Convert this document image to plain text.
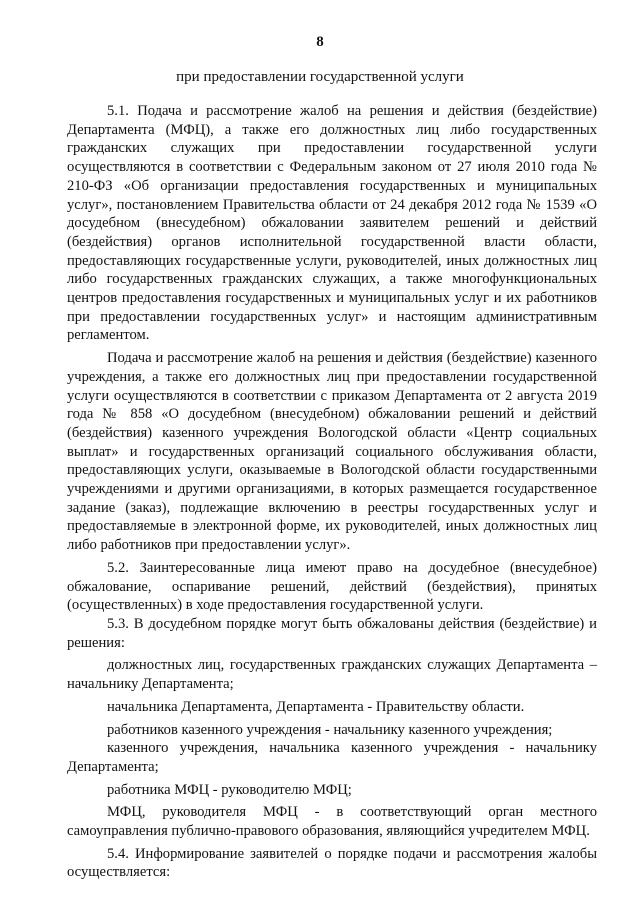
8
при предоставлении государственной услуги

5.1. Подача и рассмотрение жалоб на решения и действия (бездействие) Департамента (МФЦ), а также его должностных лиц либо государственных гражданских служащих при предоставлении государственной услуги осуществляются в соответствии с Федеральным законом от 27 июля 2010 года № 210-ФЗ «Об организации предоставления государственных и муниципальных услуг», постановлением Правительства области от 24 декабря 2012 года № 1539 «О досудебном (внесудебном) обжаловании заявителем решений и действий (бездействия) органов исполнительной государственной власти области, предоставляющих государственные услуги, руководителей, иных должностных лиц либо государственных гражданских служащих, а также многофункциональных центров предоставления государственных и муниципальных услуг и их работников при предоставлении государственных услуг» и настоящим административным регламентом.

Подача и рассмотрение жалоб на решения и действия (бездействие) казенного учреждения, а также его должностных лиц при предоставлении государственной услуги осуществляются в соответствии с приказом Департамента от 2 августа 2019 года № 858 «О досудебном (внесудебном) обжаловании решений и действий (бездействия) казенного учреждения Вологодской области «Центр социальных выплат» и государственных организаций социального обслуживания области, предоставляющих услуги, оказываемые в Вологодской области государственными учреждениями и другими организациями, в которых размещается государственное задание (заказ), подлежащие включению в реестры государственных услуг и предоставляемые в электронной форме, их руководителей, иных должностных лиц либо работников при предоставлении услуг».

5.2. Заинтересованные лица имеют право на досудебное (внесудебное) обжалование, оспаривание решений, действий (бездействия), принятых (осуществленных) в ходе предоставления государственной услуги.

5.3. В досудебном порядке могут быть обжалованы действия (бездействие) и решения:

должностных лиц, государственных гражданских служащих Департамента – начальнику Департамента;

начальника Департамента, Департамента - Правительству области.

работников казенного учреждения - начальнику казенного учреждения;

казенного учреждения, начальника казенного учреждения - начальнику Департамента;

работника МФЦ - руководителю МФЦ;

МФЦ, руководителя МФЦ - в соответствующий орган местного самоуправления публично-правового образования, являющийся учредителем МФЦ.

5.4. Информирование заявителей о порядке подачи и рассмотрения жалобы осуществляется:
